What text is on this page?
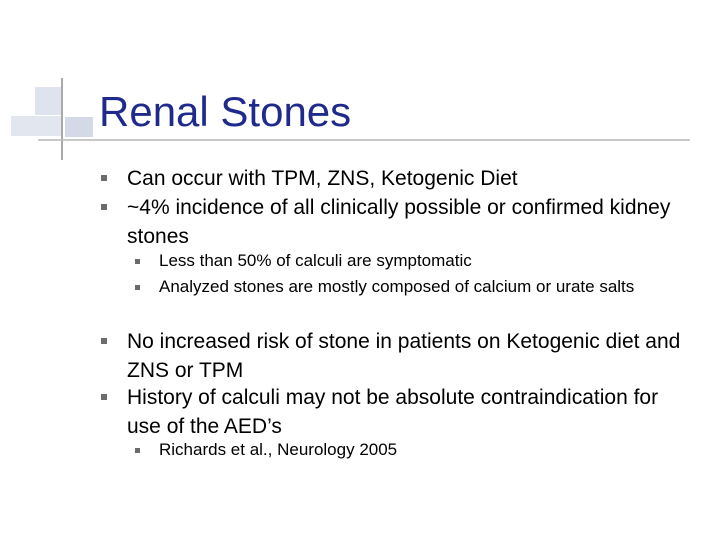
Renal Stones
Can occur with TPM, ZNS, Ketogenic Diet
~4% incidence of all clinically possible or confirmed kidney stones
Less than 50% of calculi are symptomatic
Analyzed stones are mostly composed of calcium or urate salts
No increased risk of stone in patients on Ketogenic diet and ZNS or TPM
History of calculi may not be absolute contraindication for use of the AED’s
Richards et al., Neurology 2005
